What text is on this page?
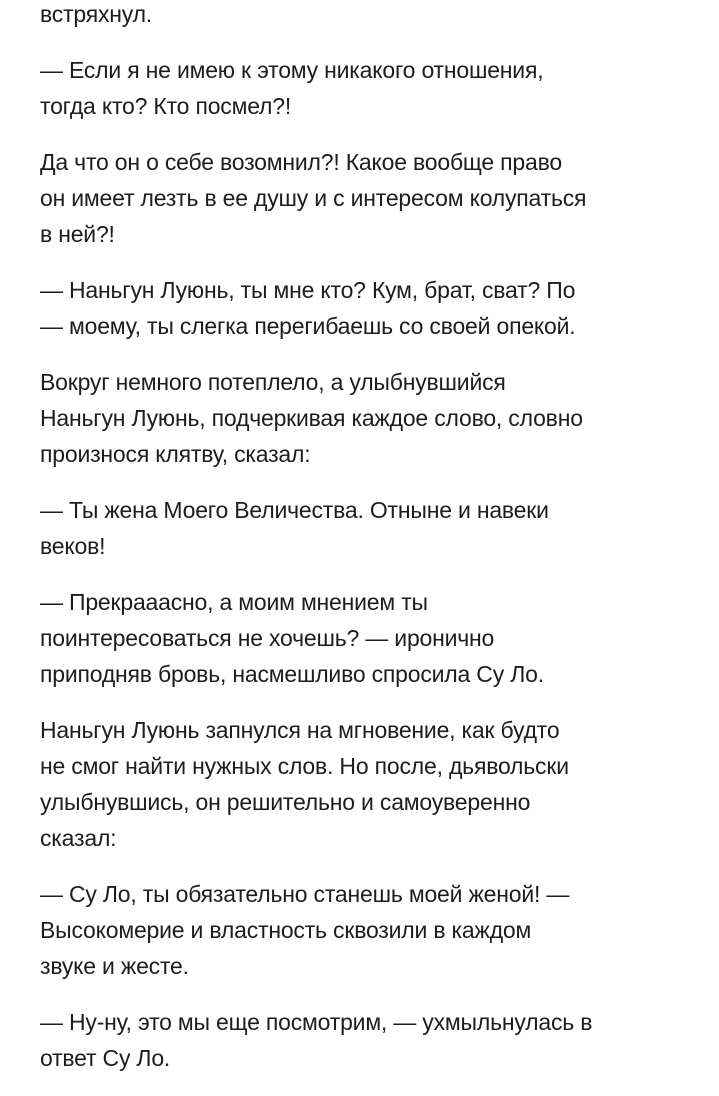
встряхнул.

— Если я не имею к этому никакого отношения,
тогда кто? Кто посмел?!

Да что он о себе возомнил?! Какое вообще право
он имеет лезть в ее душу и с интересом колупаться
в ней?!

— Наньгун Луюнь, ты мне кто? Кум, брат, сват? По
— моему, ты слегка перегибаешь со своей опекой.

Вокруг немного потеплело, а улыбнувшийся
Наньгун Луюнь, подчеркивая каждое слово, словно
произнося клятву, сказал:

— Ты жена Моего Величества. Отныне и навеки
веков!

— Прекрааасно, а моим мнением ты
поинтересоваться не хочешь? — иронично
приподняв бровь, насмешливо спросила Су Ло.

Наньгун Луюнь запнулся на мгновение, как будто
не смог найти нужных слов. Но после, дьявольски
улыбнувшись, он решительно и самоуверенно
сказал:

— Су Ло, ты обязательно станешь моей женой! —
Высокомерие и властность сквозили в каждом
звуке и жесте.

— Ну-ну, это мы еще посмотрим, — ухмыльнулась в
ответ Су Ло.
